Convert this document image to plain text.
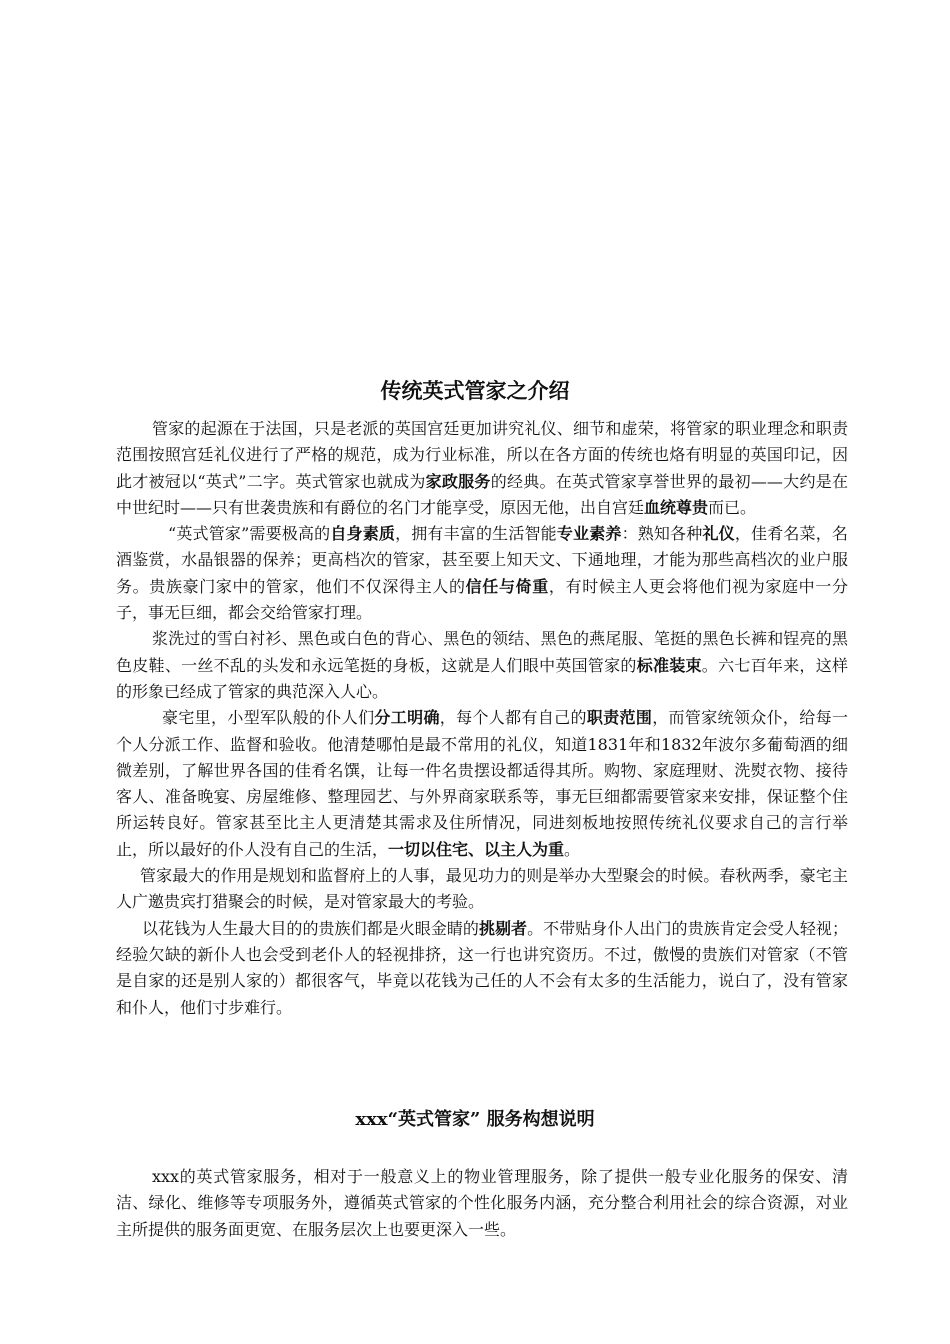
传统英式管家之介绍

管家的起源在于法国，只是老派的英国宫廷更加讲究礼仪、细节和虚荣，将管家的职业理念和职责范围按照宫廷礼仪进行了严格的规范，成为行业标准，所以在各方面的传统也烙有明显的英国印记，因此才被冠以“英式”二字。英式管家也就成为家政服务的经典。在英式管家享誉世界的最初——大约是在中世纪时——只有世袭贵族和有爵位的名门才能享受，原因无他，出自宫廷血统尊贵而已。

“英式管家”需要极高的自身素质，拥有丰富的生活智能专业素养：熟知各种礼仪，佳肴名菜，名酒鉴赏，水晶银器的保养；更高档次的管家，甚至要上知天文、下通地理，才能为那些高档次的业户服务。贵族豪门家中的管家，他们不仅深得主人的信任与倚重，有时候主人更会将他们视为家庭中一分子，事无巨细，都会交给管家打理。

浆洗过的雪白衬衫、黑色或白色的背心、黑色的领结、黑色的燕尾服、笔挺的黑色长裤和锃亮的黑色皮鞋、一丝不乱的头发和永远笔挺的身板，这就是人们眼中英国管家的标准装束。六七百年来，这样的形象已经成了管家的典范深入人心。

豪宅里，小型军队般的仆人们分工明确，每个人都有自己的职责范围，而管家统领众仆，给每一个人分派工作、监督和验收。他清楚哪怕是最不常用的礼仪，知道1831年和1832年波尔多葡萄酒的细微差别，了解世界各国的佳肴名馔，让每一件名贵摆设都适得其所。购物、家庭理财、洗熨衣物、接待客人、准备晚宴、房屋维修、整理园艺、与外界商家联系等，事无巨细都需要管家来安排，保证整个住所运转良好。管家甚至比主人更清楚其需求及住所情况，同进刻板地按照传统礼仪要求自己的言行举止，所以最好的仆人没有自己的生活，一切以住宅、以主人为重。

管家最大的作用是规划和监督府上的人事，最见功力的则是举办大型聚会的时候。春秋两季，豪宅主人广邀贵宾打猎聚会的时候，是对管家最大的考验。

以花钱为人生最大目的的贵族们都是火眼金睛的挑剔者。不带贴身仆人出门的贵族肯定会受人轻视；经验欠缺的新仆人也会受到老仆人的轻视排挤，这一行也讲究资历。不过，傲慢的贵族们对管家（不管是自家的还是别人家的）都很客气，毕竟以花钱为己任的人不会有太多的生活能力，说白了，没有管家和仆人，他们寸步难行。

xxx“英式管家” 服务构想说明

xxx的英式管家服务，相对于一般意义上的物业管理服务，除了提供一般专业化服务的保安、清洁、绿化、维修等专项服务外，遵循英式管家的个性化服务内涵，充分整合利用社会的综合资源，对业主所提供的服务面更宽、在服务层次上也要更深入一些。
